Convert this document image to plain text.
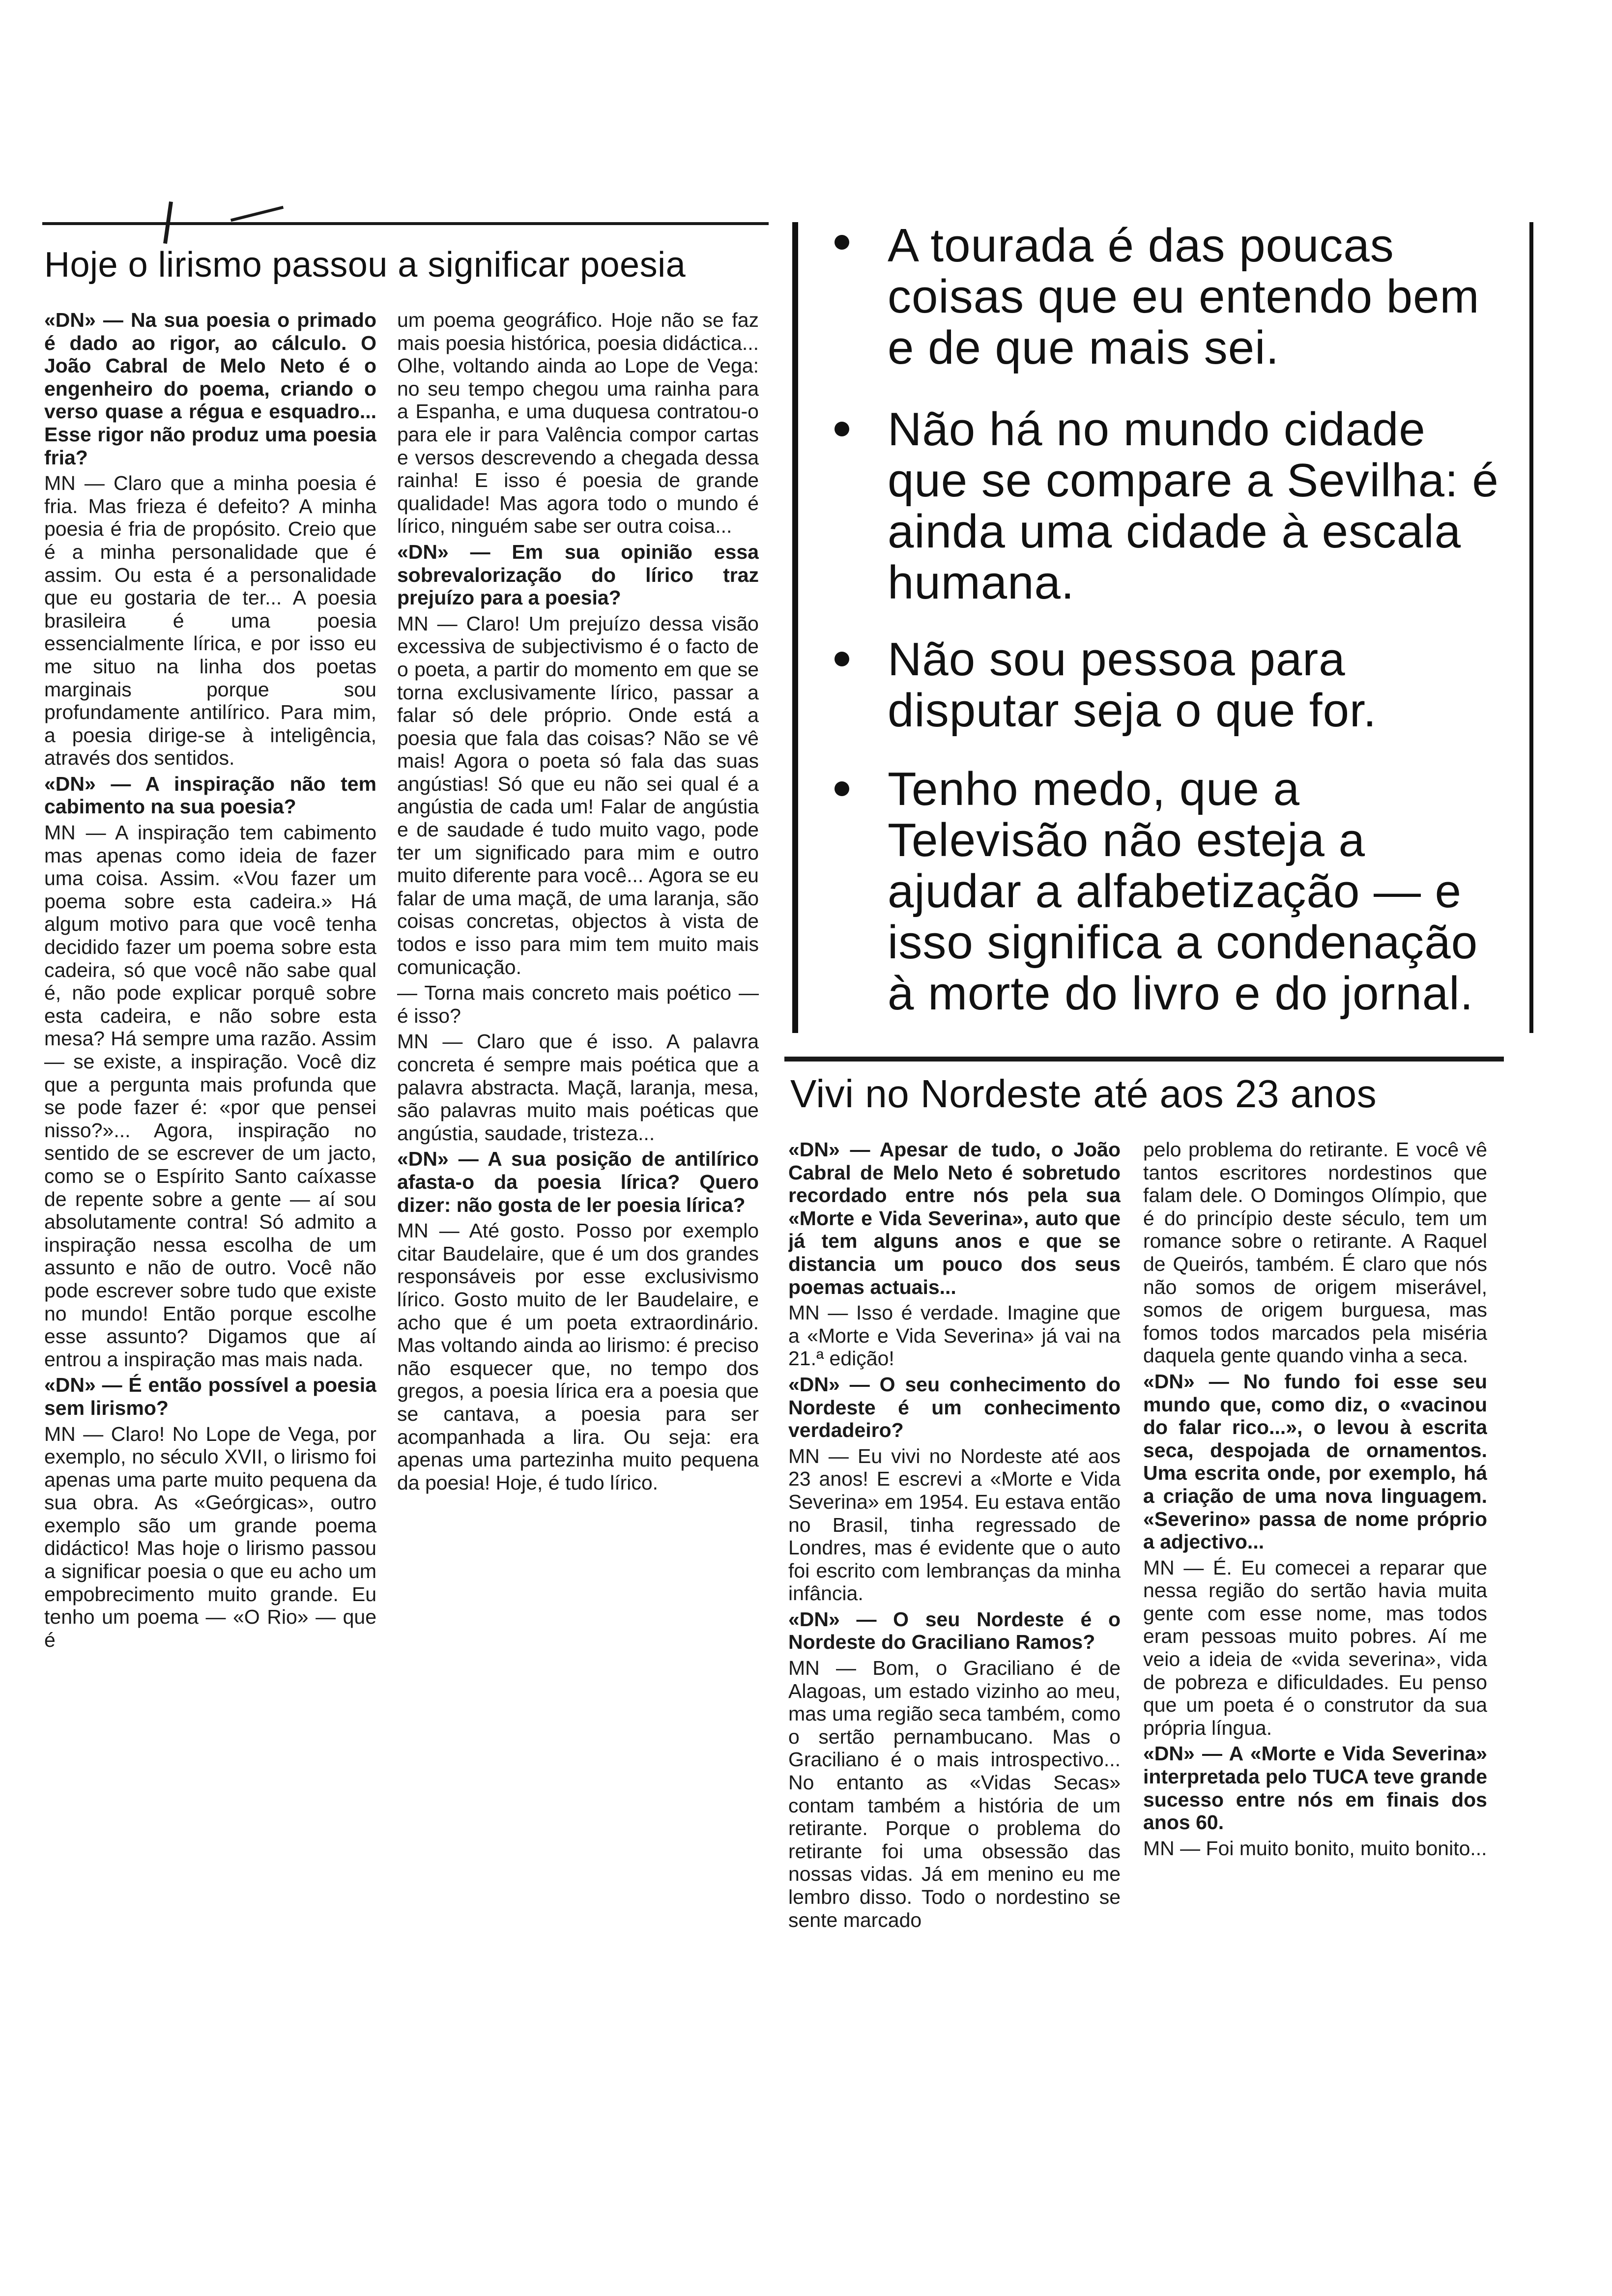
Hoje o lirismo passou a significar poesia

«DN» — Na sua poesia o primado é dado ao rigor, ao cálculo. O João Cabral de Melo Neto é o engenheiro do poema, criando o verso quase a régua e esquadro... Esse rigor não produz uma poesia fria?

MN — Claro que a minha poesia é fria. Mas frieza é defeito? A minha poesia é fria de propósito. Creio que é a minha personalidade que é assim. Ou esta é a personalidade que eu gostaria de ter... A poesia brasileira é uma poesia essencialmente lírica, e por isso eu me situo na linha dos poetas marginais porque sou profundamente antilírico. Para mim, a poesia dirige-se à inteligência, através dos sentidos.

«DN» — A inspiração não tem cabimento na sua poesia?

MN — A inspiração tem cabimento mas apenas como ideia de fazer uma coisa. Assim. «Vou fazer um poema sobre esta cadeira.» Há algum motivo para que você tenha decidido fazer um poema sobre esta cadeira, só que você não sabe qual é, não pode explicar porquê sobre esta cadeira, e não sobre esta mesa? Há sempre uma razão. Assim — se existe, a inspiração. Você diz que a pergunta mais profunda que se pode fazer é: «por que pensei nisso?»... Agora, inspiração no sentido de se escrever de um jacto, como se o Espírito Santo caíxasse de repente sobre a gente — aí sou absolutamente contra! Só admito a inspiração nessa escolha de um assunto e não de outro. Você não pode escrever sobre tudo que existe no mundo! Então porque escolhe esse assunto? Digamos que aí entrou a inspiração mas mais nada.

«DN» — É então possível a poesia sem lirismo?

MN — Claro! No Lope de Vega, por exemplo, no século XVII, o lirismo foi apenas uma parte muito pequena da sua obra. As «Geórgicas», outro exemplo são um grande poema didáctico! Mas hoje o lirismo passou a significar poesia o que eu acho um empobrecimento muito grande. Eu tenho um poema — «O Rio» — que é

um poema geográfico. Hoje não se faz mais poesia histórica, poesia didáctica... Olhe, voltando ainda ao Lope de Vega: no seu tempo chegou uma rainha para a Espanha, e uma duquesa contratou-o para ele ir para Valência compor cartas e versos descrevendo a chegada dessa rainha! E isso é poesia de grande qualidade! Mas agora todo o mundo é lírico, ninguém sabe ser outra coisa...

«DN» — Em sua opinião essa sobrevalorização do lírico traz prejuízo para a poesia?

MN — Claro! Um prejuízo dessa visão excessiva de subjectivismo é o facto de o poeta, a partir do momento em que se torna exclusivamente lírico, passar a falar só dele próprio. Onde está a poesia que fala das coisas? Não se vê mais! Agora o poeta só fala das suas angústias! Só que eu não sei qual é a angústia de cada um! Falar de angústia e de saudade é tudo muito vago, pode ter um significado para mim e outro muito diferente para você... Agora se eu falar de uma maçã, de uma laranja, são coisas concretas, objectos à vista de todos e isso para mim tem muito mais comunicação.

— Torna mais concreto mais poético — é isso?

MN — Claro que é isso. A palavra concreta é sempre mais poética que a palavra abstracta. Maçã, laranja, mesa, são palavras muito mais poéticas que angústia, saudade, tristeza...

«DN» — A sua posição de antilírico afasta-o da poesia lírica? Quero dizer: não gosta de ler poesia lírica?

MN — Até gosto. Posso por exemplo citar Baudelaire, que é um dos grandes responsáveis por esse exclusivismo lírico. Gosto muito de ler Baudelaire, e acho que é um poeta extraordinário. Mas voltando ainda ao lirismo: é preciso não esquecer que, no tempo dos gregos, a poesia lírica era a poesia que se cantava, a poesia para ser acompanhada a lira. Ou seja: era apenas uma partezinha muito pequena da poesia! Hoje, é tudo lírico.

A tourada é das poucas coisas que eu entendo bem e de que mais sei.
Não há no mundo cidade que se compare a Sevilha: é ainda uma cidade à escala humana.
Não sou pessoa para disputar seja o que for.
Tenho medo, que a Televisão não esteja a ajudar a alfabetização — e isso significa a condenação à morte do livro e do jornal.
Vivi no Nordeste até aos 23 anos

«DN» — Apesar de tudo, o João Cabral de Melo Neto é sobretudo recordado entre nós pela sua «Morte e Vida Severina», auto que já tem alguns anos e que se distancia um pouco dos seus poemas actuais...

MN — Isso é verdade. Imagine que a «Morte e Vida Severina» já vai na 21.ª edição!

«DN» — O seu conhecimento do Nordeste é um conhecimento verdadeiro?

MN — Eu vivi no Nordeste até aos 23 anos! E escrevi a «Morte e Vida Severina» em 1954. Eu estava então no Brasil, tinha regressado de Londres, mas é evidente que o auto foi escrito com lembranças da minha infância.

«DN» — O seu Nordeste é o Nordeste do Graciliano Ramos?

MN — Bom, o Graciliano é de Alagoas, um estado vizinho ao meu, mas uma região seca também, como o sertão pernambucano. Mas o Graciliano é o mais introspectivo... No entanto as «Vidas Secas» contam também a história de um retirante. Porque o problema do retirante foi uma obsessão das nossas vidas. Já em menino eu me lembro disso. Todo o nordestino se sente marcado

pelo problema do retirante. E você vê tantos escritores nordestinos que falam dele. O Domingos Olímpio, que é do princípio deste século, tem um romance sobre o retirante. A Raquel de Queirós, também. É claro que nós não somos de origem miserável, somos de origem burguesa, mas fomos todos marcados pela miséria daquela gente quando vinha a seca.

«DN» — No fundo foi esse seu mundo que, como diz, o «vacinou do falar rico...», o levou à escrita seca, despojada de ornamentos. Uma escrita onde, por exemplo, há a criação de uma nova linguagem. «Severino» passa de nome próprio a adjectivo...

MN — É. Eu comecei a reparar que nessa região do sertão havia muita gente com esse nome, mas todos eram pessoas muito pobres. Aí me veio a ideia de «vida severina», vida de pobreza e dificuldades. Eu penso que um poeta é o construtor da sua própria língua.

«DN» — A «Morte e Vida Severina» interpretada pelo TUCA teve grande sucesso entre nós em finais dos anos 60.

MN — Foi muito bonito, muito bonito...
